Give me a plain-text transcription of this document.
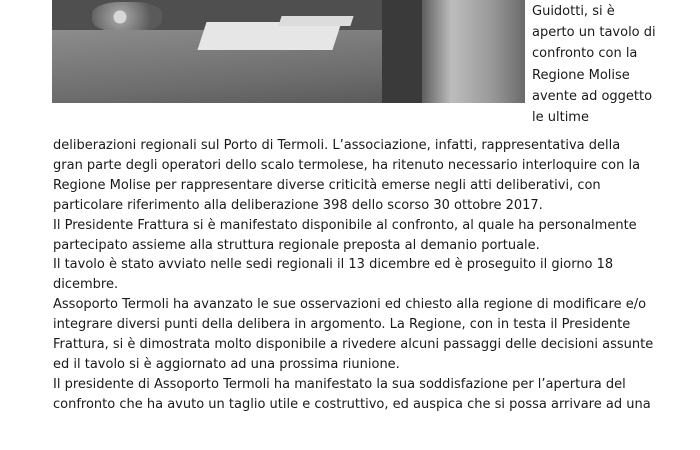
Guidotti, si è
aperto un tavolo di
confronto con la
Regione Molise
avente ad oggetto
le ultime
deliberazioni regionali sul Porto di Termoli. L’associazione, infatti, rappresentativa della
gran parte degli operatori dello scalo termolese, ha ritenuto necessario interloquire con la
Regione Molise per rappresentare diverse criticità emerse negli atti deliberativi, con
particolare riferimento alla deliberazione 398 dello scorso 30 ottobre 2017.
Il Presidente Frattura si è manifestato disponibile al confronto, al quale ha personalmente
partecipato assieme alla struttura regionale preposta al demanio portuale.
Il tavolo è stato avviato nelle sedi regionali il 13 dicembre ed è proseguito il giorno 18
dicembre.
Assoporto Termoli ha avanzato le sue osservazioni ed chiesto alla regione di modificare e/o
integrare diversi punti della delibera in argomento. La Regione, con in testa il Presidente
Frattura, si è dimostrata molto disponibile a rivedere alcuni passaggi delle decisioni assunte
ed il tavolo si è aggiornato ad una prossima riunione.
Il presidente di Assoporto Termoli ha manifestato la sua soddisfazione per l’apertura del
confronto che ha avuto un taglio utile e costruttivo, ed auspica che si possa arrivare ad una
